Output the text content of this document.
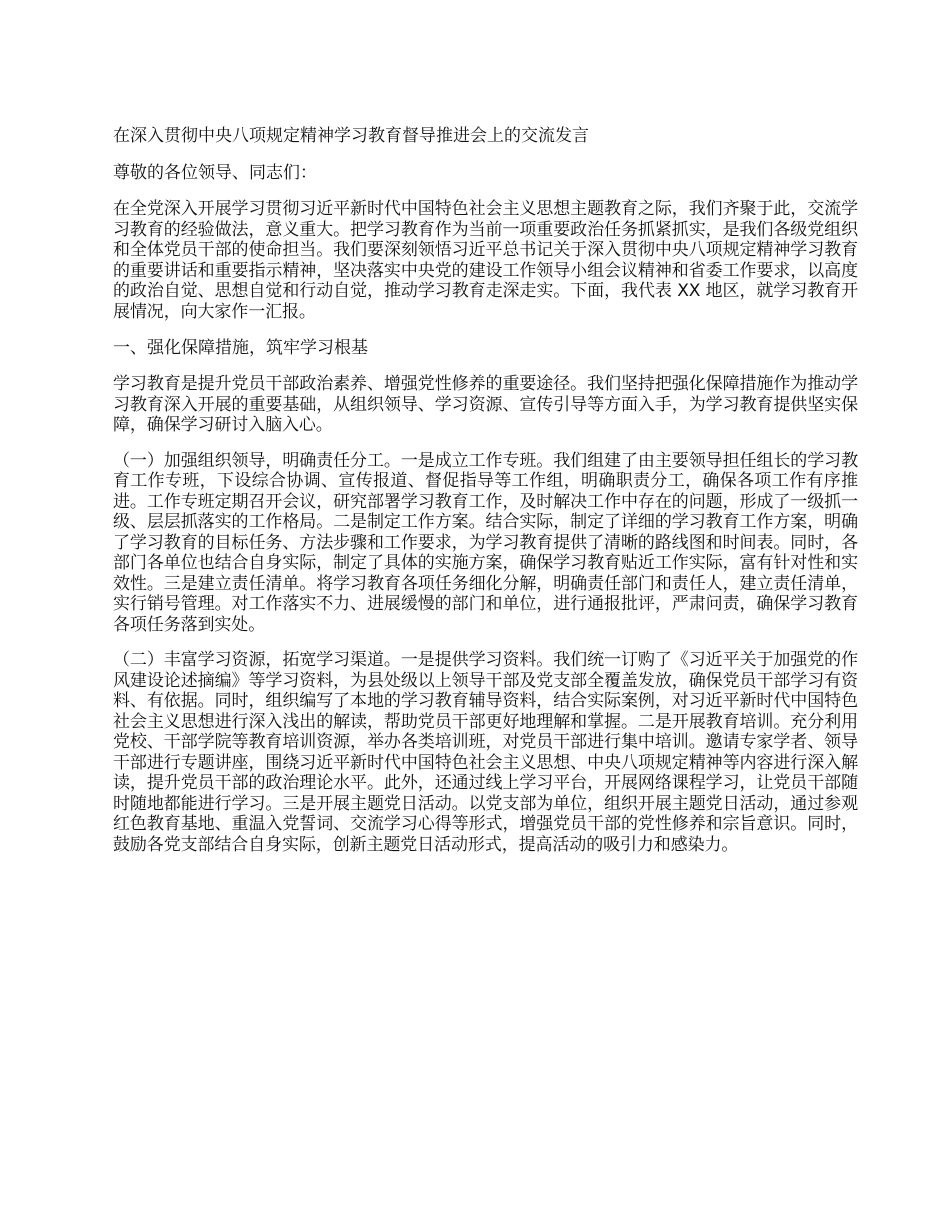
在深入贯彻中央八项规定精神学习教育督导推进会上的交流发言
尊敬的各位领导、同志们：
在全党深入开展学习贯彻习近平新时代中国特色社会主义思想主题教育之际，我们齐聚于此，交流学习教育的经验做法，意义重大。把学习教育作为当前一项重要政治任务抓紧抓实，是我们各级党组织和全体党员干部的使命担当。我们要深刻领悟习近平总书记关于深入贯彻中央八项规定精神学习教育的重要讲话和重要指示精神，坚决落实中央党的建设工作领导小组会议精神和省委工作要求，以高度的政治自觉、思想自觉和行动自觉，推动学习教育走深走实。下面，我代表 XX 地区，就学习教育开展情况，向大家作一汇报。
一、强化保障措施，筑牢学习根基
学习教育是提升党员干部政治素养、增强党性修养的重要途径。我们坚持把强化保障措施作为推动学习教育深入开展的重要基础，从组织领导、学习资源、宣传引导等方面入手，为学习教育提供坚实保障，确保学习研讨入脑入心。
（一）加强组织领导，明确责任分工。一是成立工作专班。我们组建了由主要领导担任组长的学习教育工作专班，下设综合协调、宣传报道、督促指导等工作组，明确职责分工，确保各项工作有序推进。工作专班定期召开会议，研究部署学习教育工作，及时解决工作中存在的问题，形成了一级抓一级、层层抓落实的工作格局。二是制定工作方案。结合实际，制定了详细的学习教育工作方案，明确了学习教育的目标任务、方法步骤和工作要求，为学习教育提供了清晰的路线图和时间表。同时，各部门各单位也结合自身实际，制定了具体的实施方案，确保学习教育贴近工作实际，富有针对性和实效性。三是建立责任清单。将学习教育各项任务细化分解，明确责任部门和责任人，建立责任清单，实行销号管理。对工作落实不力、进展缓慢的部门和单位，进行通报批评，严肃问责，确保学习教育各项任务落到实处。
（二）丰富学习资源，拓宽学习渠道。一是提供学习资料。我们统一订购了《习近平关于加强党的作风建设论述摘编》等学习资料，为县处级以上领导干部及党支部全覆盖发放，确保党员干部学习有资料、有依据。同时，组织编写了本地的学习教育辅导资料，结合实际案例，对习近平新时代中国特色社会主义思想进行深入浅出的解读，帮助党员干部更好地理解和掌握。二是开展教育培训。充分利用党校、干部学院等教育培训资源，举办各类培训班，对党员干部进行集中培训。邀请专家学者、领导干部进行专题讲座，围绕习近平新时代中国特色社会主义思想、中央八项规定精神等内容进行深入解读，提升党员干部的政治理论水平。此外，还通过线上学习平台，开展网络课程学习，让党员干部随时随地都能进行学习。三是开展主题党日活动。以党支部为单位，组织开展主题党日活动，通过参观红色教育基地、重温入党誓词、交流学习心得等形式，增强党员干部的党性修养和宗旨意识。同时，鼓励各党支部结合自身实际，创新主题党日活动形式，提高活动的吸引力和感染力。
